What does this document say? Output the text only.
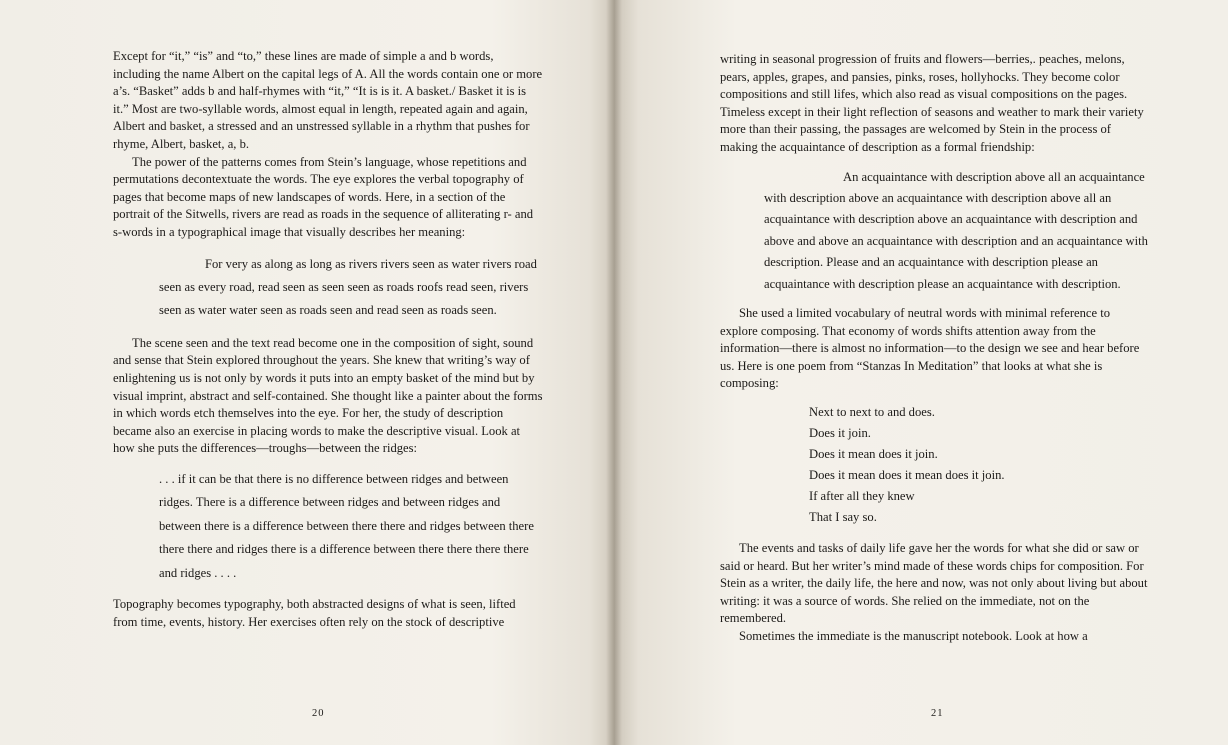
Except for “it,” “is” and “to,” these lines are made of simple a and b words, including the name Albert on the capital legs of A. All the words contain one or more a’s. “Basket” adds b and half-rhymes with “it,” “It is is it. A basket./ Basket it is is it.” Most are two-syllable words, almost equal in length, repeated again and again, Albert and basket, a stressed and an unstressed syllable in a rhythm that pushes for rhyme, Albert, basket, a, b.

The power of the patterns comes from Stein’s language, whose repetitions and permutations decontextuate the words. The eye explores the verbal topography of pages that become maps of new landscapes of words. Here, in a section of the portrait of the Sitwells, rivers are read as roads in the sequence of alliterating r- and s-words in a typographical image that visually describes her meaning:

For very as along as long as rivers rivers seen as water rivers road seen as every road, read seen as seen seen as roads roofs read seen, rivers seen as water water seen as roads seen and read seen as roads seen.

The scene seen and the text read become one in the composition of sight, sound and sense that Stein explored throughout the years. She knew that writing’s way of enlightening us is not only by words it puts into an empty basket of the mind but by visual imprint, abstract and self-contained. She thought like a painter about the forms in which words etch themselves into the eye. For her, the study of description became also an exercise in placing words to make the descriptive visual. Look at how she puts the differences—troughs—between the ridges:

. . . if it can be that there is no difference between ridges and between ridges. There is a difference between ridges and between ridges and between there is a difference between there there and ridges between there there there and ridges there is a difference between there there there there and ridges . . . .

Topography becomes typography, both abstracted designs of what is seen, lifted from time, events, history. Her exercises often rely on the stock of descriptive

20

writing in seasonal progression of fruits and flowers—berries,. peaches, melons, pears, apples, grapes, and pansies, pinks, roses, hollyhocks. They become color compositions and still lifes, which also read as visual compositions on the pages. Timeless except in their light reflection of seasons and weather to mark their variety more than their passing, the passages are welcomed by Stein in the process of making the acquaintance of description as a formal friendship:

An acquaintance with description above all an acquaintance with description above an acquaintance with description above all an acquaintance with description above an acquaintance with description and above and above an acquaintance with description and an acquaintance with description. Please and an acquaintance with description please an acquaintance with description please an acquaintance with description.

She used a limited vocabulary of neutral words with minimal reference to explore composing. That economy of words shifts attention away from the information—there is almost no information—to the design we see and hear before us. Here is one poem from “Stanzas In Meditation” that looks at what she is composing:

Next to next to and does.
Does it join.
Does it mean does it join.
Does it mean does it mean does it join.
If after all they knew
That I say so.

The events and tasks of daily life gave her the words for what she did or saw or said or heard. But her writer’s mind made of these words chips for composition. For Stein as a writer, the daily life, the here and now, was not only about living but about writing: it was a source of words. She relied on the immediate, not on the remembered.

Sometimes the immediate is the manuscript notebook. Look at how a

21
